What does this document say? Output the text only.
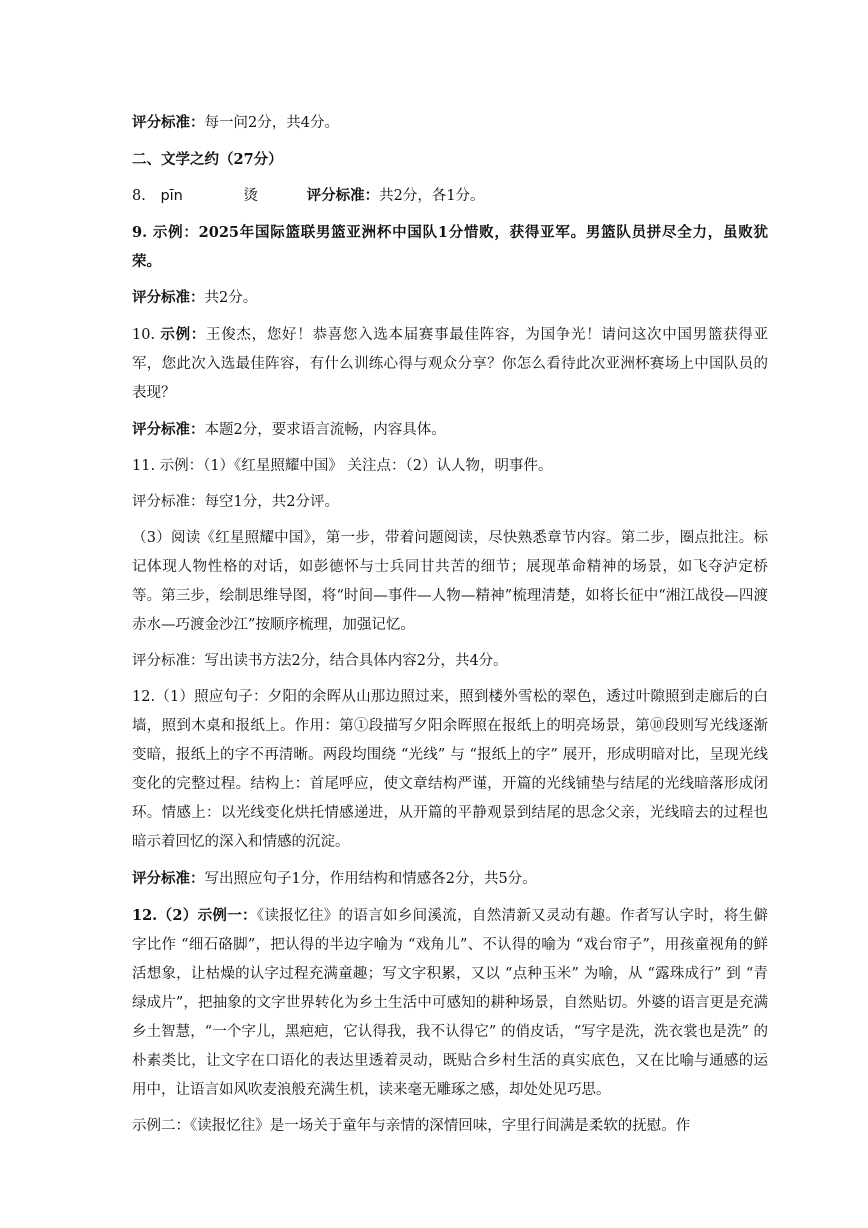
评分标准：每一问2分，共4分。

二、文学之约（27分）

8. pīn	烫	评分标准：共2分，各1分。

9. 示例：2025年国际篮联男篮亚洲杯中国队1分惜败，获得亚军。男篮队员拼尽全力，虽败犹荣。

评分标准：共2分。

10. 示例：王俊杰，您好！恭喜您入选本届赛事最佳阵容，为国争光！请问这次中国男篮获得亚军，您此次入选最佳阵容，有什么训练心得与观众分享？你怎么看待此次亚洲杯赛场上中国队员的表现？

评分标准：本题2分，要求语言流畅，内容具体。

11. 示例：（1）《红星照耀中国》 关注点：（2）认人物，明事件。

评分标准：每空1分，共2分评。

（3）阅读《红星照耀中国》，第一步，带着问题阅读，尽快熟悉章节内容。第二步，圈点批注。标记体现人物性格的对话，如彭德怀与士兵同甘共苦的细节；展现革命精神的场景，如飞夺泸定桥等。第三步，绘制思维导图，将“时间—事件—人物—精神”梳理清楚，如将长征中“湘江战役—四渡赤水—巧渡金沙江”按顺序梳理，加强记忆。

评分标准：写出读书方法2分，结合具体内容2分，共4分。

12.（1）照应句子：夕阳的余晖从山那边照过来，照到楼外雪松的翠色，透过叶隙照到走廊后的白墙，照到木桌和报纸上。作用：第①段描写夕阳余晖照在报纸上的明亮场景，第⑩段则写光线逐渐变暗，报纸上的字不再清晰。两段均围绕 “光线” 与 “报纸上的字” 展开，形成明暗对比，呈现光线变化的完整过程。结构上：首尾呼应，使文章结构严谨，开篇的光线铺垫与结尾的光线暗落形成闭环。情感上：以光线变化烘托情感递进，从开篇的平静观景到结尾的思念父亲，光线暗去的过程也暗示着回忆的深入和情感的沉淀。

评分标准：写出照应句子1分，作用结构和情感各2分，共5分。

12.（2）示例一：《读报忆往》的语言如乡间溪流，自然清新又灵动有趣。作者写认字时，将生僻字比作 “细石硌脚”，把认得的半边字喻为 “戏角儿”、不认得的喻为 “戏台帘子”，用孩童视角的鲜活想象，让枯燥的认字过程充满童趣；写文字积累，又以 “点种玉米” 为喻，从 “露珠成行” 到 “青绿成片”，把抽象的文字世界转化为乡土生活中可感知的耕种场景，自然贴切。外婆的语言更是充满乡土智慧，“一个字儿，黑疤疤，它认得我，我不认得它” 的俏皮话，“写字是洗，洗衣裳也是洗” 的朴素类比，让文字在口语化的表达里透着灵动，既贴合乡村生活的真实底色，又在比喻与通感的运用中，让语言如风吹麦浪般充满生机，读来毫无雕琢之感，却处处见巧思。

示例二：《读报忆往》是一场关于童年与亲情的深情回味，字里行间满是柔软的抚慰。作
